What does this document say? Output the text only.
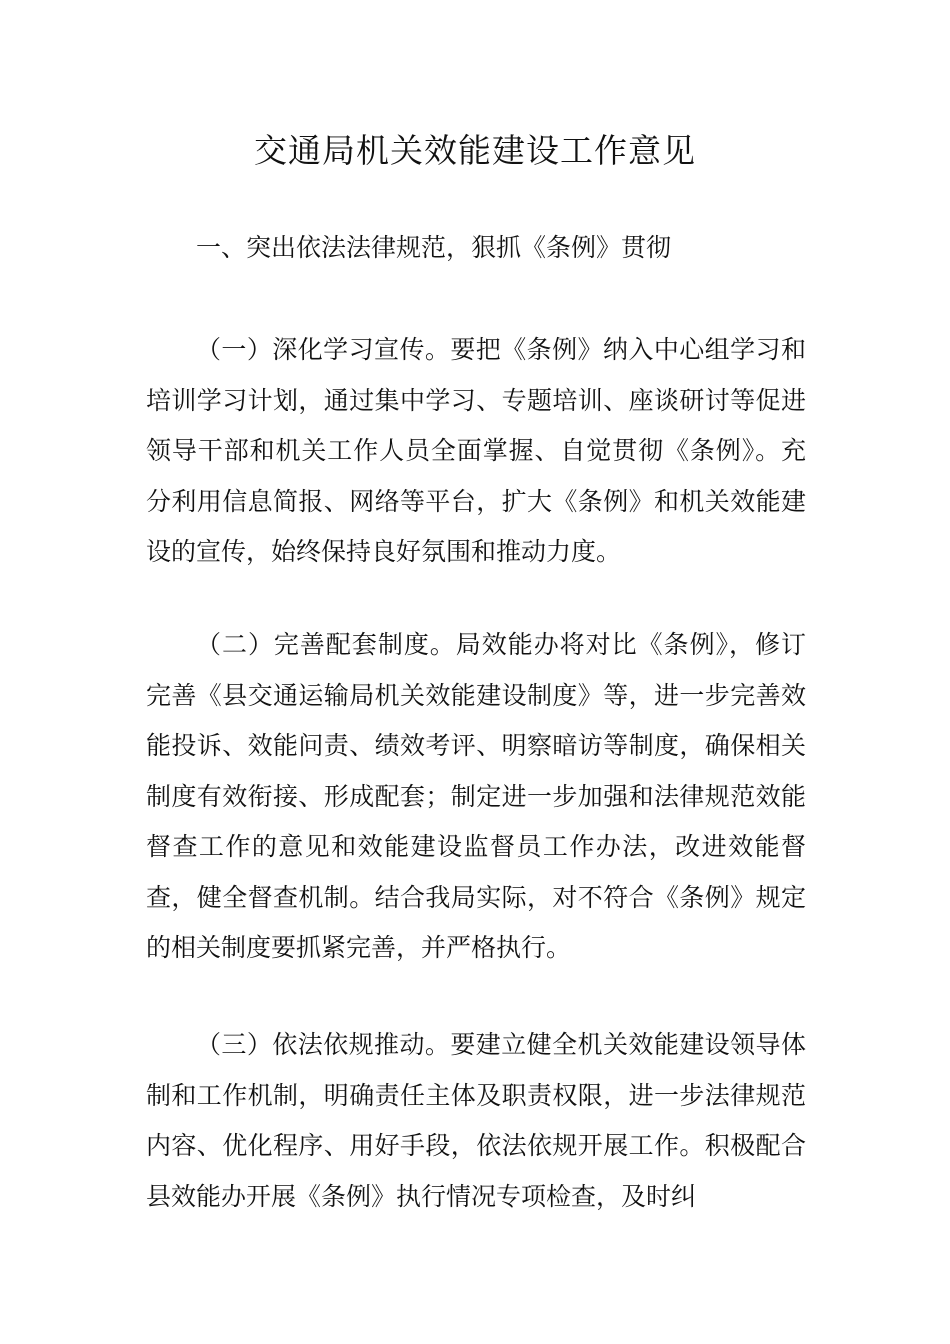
交通局机关效能建设工作意见
一、突出依法法律规范，狠抓《条例》贯彻

（一）深化学习宣传。要把《条例》纳入中心组学习和培训学习计划，通过集中学习、专题培训、座谈研讨等促进领导干部和机关工作人员全面掌握、自觉贯彻《条例》。充分利用信息简报、网络等平台，扩大《条例》和机关效能建设的宣传，始终保持良好氛围和推动力度。

（二）完善配套制度。局效能办将对比《条例》，修订完善《县交通运输局机关效能建设制度》等，进一步完善效能投诉、效能问责、绩效考评、明察暗访等制度，确保相关制度有效衔接、形成配套；制定进一步加强和法律规范效能督查工作的意见和效能建设监督员工作办法，改进效能督查，健全督查机制。结合我局实际，对不符合《条例》规定的相关制度要抓紧完善，并严格执行。

（三）依法依规推动。要建立健全机关效能建设领导体制和工作机制，明确责任主体及职责权限，进一步法律规范内容、优化程序、用好手段，依法依规开展工作。积极配合县效能办开展《条例》执行情况专项检查，及时纠
